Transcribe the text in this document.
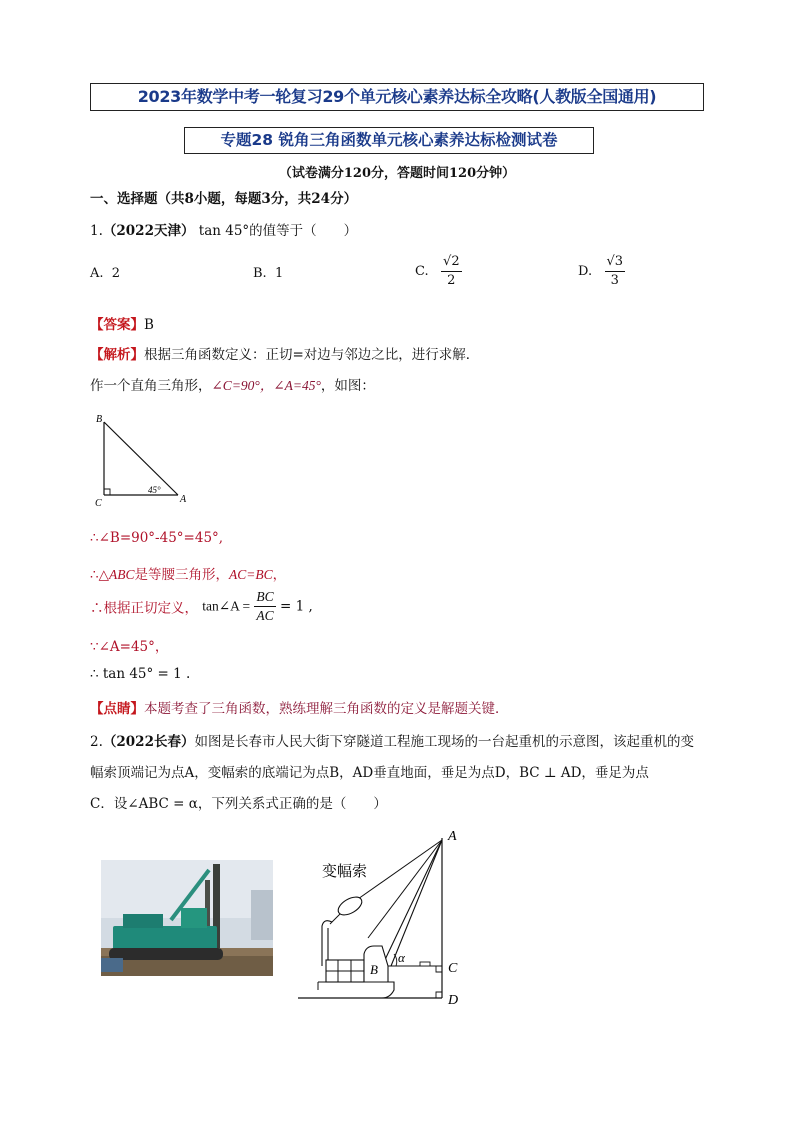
2023年数学中考一轮复习29个单元核心素养达标全攻略(人教版全国通用)
专题28 锐角三角函数单元核心素养达标检测试卷
（试卷满分120分，答题时间120分钟）
一、选择题（共8小题，每题3分，共24分）
1.（2022天津） tan 45°的值等于（　　）
A. 2	B. 1	C. $\frac{√2}{2}$	D. $\frac{√3}{3}$
【答案】B
【解析】根据三角函数定义：正切=对边与邻边之比，进行求解．
作一个直角三角形，∠C=90°，∠A=45°，如图：
B
C	A
45°
∴∠B=90°-45°=45°,
∴△ABC是等腰三角形，AC=BC，
∴根据正切定义， tan∠A = $\frac{BC}{AC} = 1$ ,
∵∠A=45°，
∴ tan 45° = 1 .
【点睛】本题考查了三角函数，熟练理解三角函数的定义是解题关键．
2.（2022长春）如图是长春市人民大街下穿隧道工程施工现场的一台起重机的示意图，该起重机的变
幅索顶端记为点A，变幅索的底端记为点B，AD垂直地面，垂足为点D，BC ⊥ AD，垂足为点
C．设∠ABC = α，下列关系式正确的是（　　）
A
B	C
D
α
变幅索
